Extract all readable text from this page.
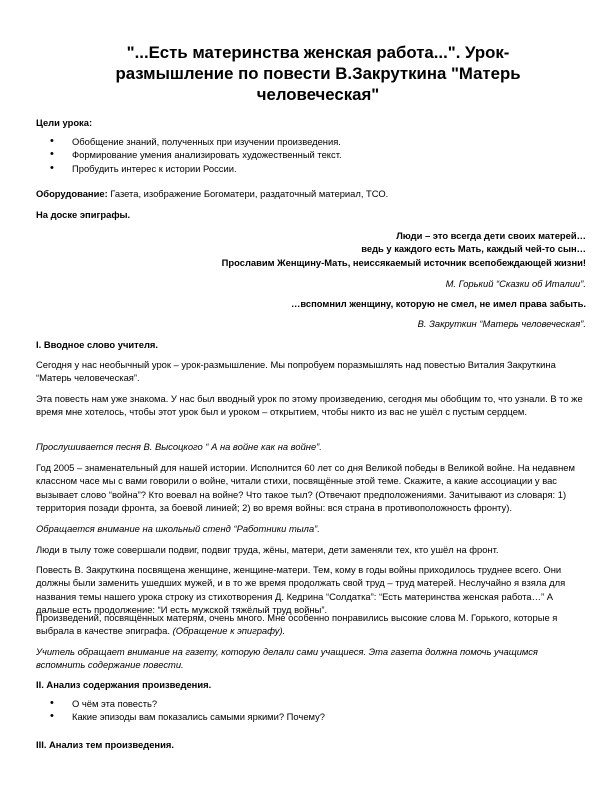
"...Есть материнства женская работа...". Урок-размышление по повести В.Закруткина "Матерь человеческая"
Цели урока:
• Обобщение знаний, полученных при изучении произведения.
• Формирование умения анализировать художественный текст.
• Пробудить интерес к истории России.
Оборудование: Газета, изображение Богоматери, раздаточный материал, ТСО.
На доске эпиграфы.
Люди – это всегда дети своих матерей…
ведь у каждого есть Мать, каждый чей-то сын…
Прославим Женщину-Мать, неиссякаемый источник всепобеждающей жизни!
М. Горький “Сказки об Италии”.
…вспомнил женщину, которую не смел, не имел права забыть.
В. Закруткин “Матерь человеческая”.
I. Вводное слово учителя.
Сегодня у нас необычный урок – урок-размышление. Мы попробуем поразмышлять над повестью Виталия Закруткина “Матерь человеческая”.
Эта повесть нам уже знакома. У нас был вводный урок по этому произведению, сегодня мы обобщим то, что узнали. В то же время мне хотелось, чтобы этот урок был и уроком – открытием, чтобы никто из вас не ушёл с пустым сердцем.
Прослушивается песня В. Высоцкого “ А на войне как на войне”.
Год 2005 – знаменательный для нашей истории. Исполнится 60 лет со дня Великой победы в Великой войне. На недавнем классном часе мы с вами говорили о войне, читали стихи, посвящённые этой теме. Скажите, а какие ассоциации у вас вызывает слово “война”? Кто воевал на войне? Что такое тыл? (Отвечают предположениями. Зачитывают из словаря: 1) территория позади фронта, за боевой линией; 2) во время войны: вся страна в противоположность фронту).
Обращается внимание на школьный стенд “Работники тыла”.
Люди в тылу тоже совершали подвиг, подвиг труда, жёны, матери, дети заменяли тех, кто ушёл на фронт.
Повесть В. Закруткина посвящена женщине, женщине-матери. Тем, кому в годы войны приходилось труднее всего. Они должны были заменить ушедших мужей, и в то же время продолжать свой труд – труд матерей. Неслучайно я взяла для названия темы нашего урока строку из стихотворения Д. Кедрина “Солдатка”: “Есть материнства женская работа…” А дальше есть продолжение: “И есть мужской тяжёлый труд войны”.
Произведений, посвящённых матерям, очень много. Мне особенно понравились высокие слова М. Горького, которые я выбрала в качестве эпиграфа. (Обращение к эпиграфу).
Учитель обращает внимание на газету, которую делали сами учащиеся. Эта газета должна помочь учащимся вспомнить содержание повести.
II. Анализ содержания произведения.
• О чём эта повесть?
• Какие эпизоды вам показались самыми яркими? Почему?
III. Анализ тем произведения.
